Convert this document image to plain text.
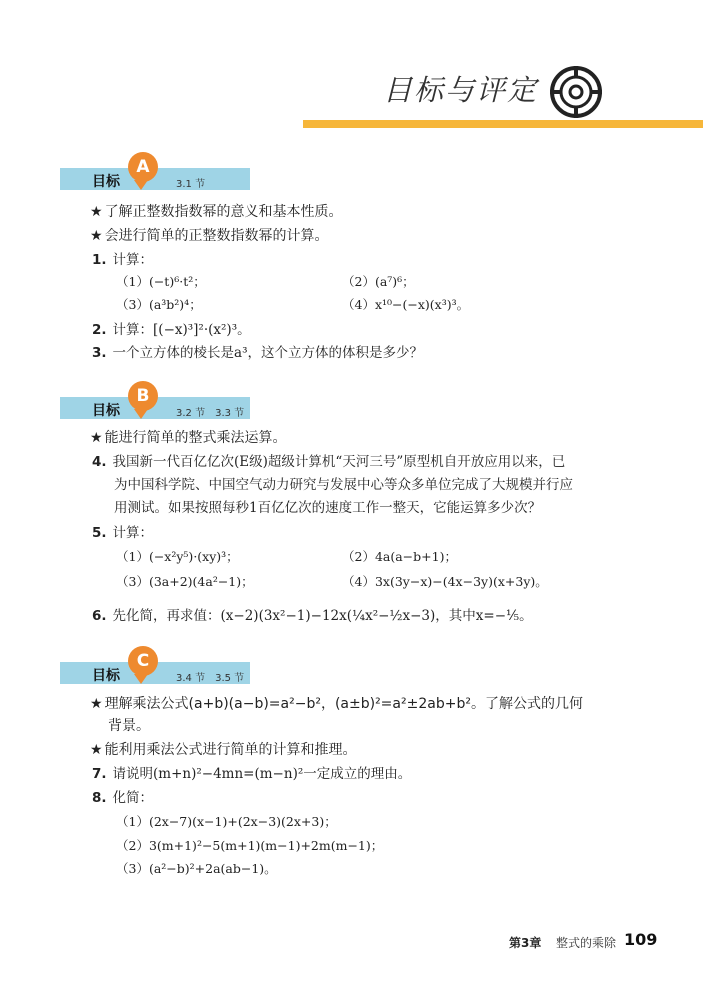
目标与评定
目标
A
3.1 节
★ 了解正整数指数幂的意义和基本性质。
★ 会进行简单的正整数指数幂的计算。
1. 计算：
（1）(−t)⁶·t²；	（2）(a⁷)⁶；
（3）(a³b²)⁴；	（4）x¹⁰−(−x)(x³)³。
2. 计算：[(−x)³]²·(x²)³。
3. 一个立方体的棱长是a³，这个立方体的体积是多少？
目标
B
3.2 节　3.3 节
★ 能进行简单的整式乘法运算。
4. 我国新一代百亿亿次(E级)超级计算机“天河三号”原型机自开放应用以来，已
为中国科学院、中国空气动力研究与发展中心等众多单位完成了大规模并行应
用测试。如果按照每秒1百亿亿次的速度工作一整天，它能运算多少次？
5. 计算：
（1）(−x²y⁵)·(xy)³；	（2）4a(a−b+1)；
（3）(3a+2)(4a²−1)；	（4）3x(3y−x)−(4x−3y)(x+3y)。
6. 先化简，再求值：(x−2)(3x²−1)−12x(¼x²−½x−3)，其中x=−⅕。
目标
C
3.4 节　3.5 节
★ 理解乘法公式(a+b)(a−b)=a²−b²，(a±b)²=a²±2ab+b²。了解公式的几何
背景。
★ 能利用乘法公式进行简单的计算和推理。
7. 请说明(m+n)²−4mn=(m−n)²一定成立的理由。
8. 化简：
（1）(2x−7)(x−1)+(2x−3)(2x+3)；
（2）3(m+1)²−5(m+1)(m−1)+2m(m−1)；
（3）(a²−b)²+2a(ab−1)。
第3章 整式的乘除 109
